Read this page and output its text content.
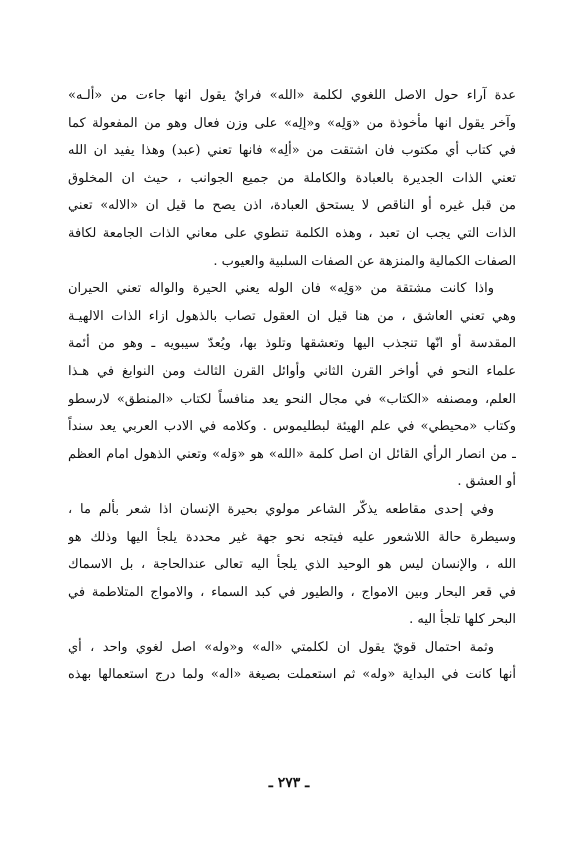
عدة آراء حول الاصل اللغوي لكلمة «الله» فرايٌ يقول انها جاءت من «ألـه»
وآخر يقول انها مأخوذة من «وَلِه» و«إلِه» على وزن فعال وهو من المفعولة كما
في كتاب أي مكتوب فان اشتقت من «ألِه» فانها تعني (عبد) وهذا يفيد ان الله
تعني الذات الجديرة بالعبادة والكاملة من جميع الجوانب ، حيث ان المخلوق
من قبل غيره أو الناقص لا يستحق العبادة، اذن يصح ما قيل ان «الاله» تعني
الذات التي يجب ان تعبد ، وهذه الكلمة تنطوي على معاني الذات الجامعة لكافة
الصفات الكمالية والمنزهة عن الصفات السلبية والعيوب .
واذا كانت مشتقة من «وَلِه» فان الوله يعني الحيرة والواله تعني الحيران
وهي تعني العاشق ، من هنا قيل ان العقول تصاب بالذهول ازاء الذات الالهيـة
المقدسة أو انّها تنجذب اليها وتعشقها وتلوذ بها، ويُعدّ سيبويه ـ وهو من أئمة
علماء النحو في أواخر القرن الثاني وأوائل القرن الثالث ومن النوابغ في هـذا
العلم، ومصنفه «الكتاب» في مجال النحو يعد منافساً لكتاب «المنطق» لارسطو
وكتاب «محيطي» في علم الهيئة لبطليموس . وكلامه في الادب العربي يعد سنداً
ـ من انصار الرأي القائل ان اصل كلمة «الله» هو «وَله» وتعني الذهول امام العظم
أو العشق .
وفي إحدى مقاطعه يذكّر الشاعر مولوي بحيرة الإنسان اذا شعر بألم ما ،
وسيطرة حالة اللاشعور عليه فيتجه نحو جهة غير محددة يلجأ اليها وذلك هو
الله ، والإنسان ليس هو الوحيد الذي يلجأ اليه تعالى عندالحاجة ، بل الاسماك
في قعر البحار وبين الامواج ، والطيور في كبد السماء ، والامواج المتلاطمة في
البحر كلها تلجأ اليه .
وثمة احتمال قويّ يقول ان لكلمتي «اله» و«وله» اصل لغوي واحد ، أي
أنها كانت في البداية «وله» ثم استعملت بصيغة «اله» ولما درج استعمالها بهذه
ـ ٢٧٣ ـ
